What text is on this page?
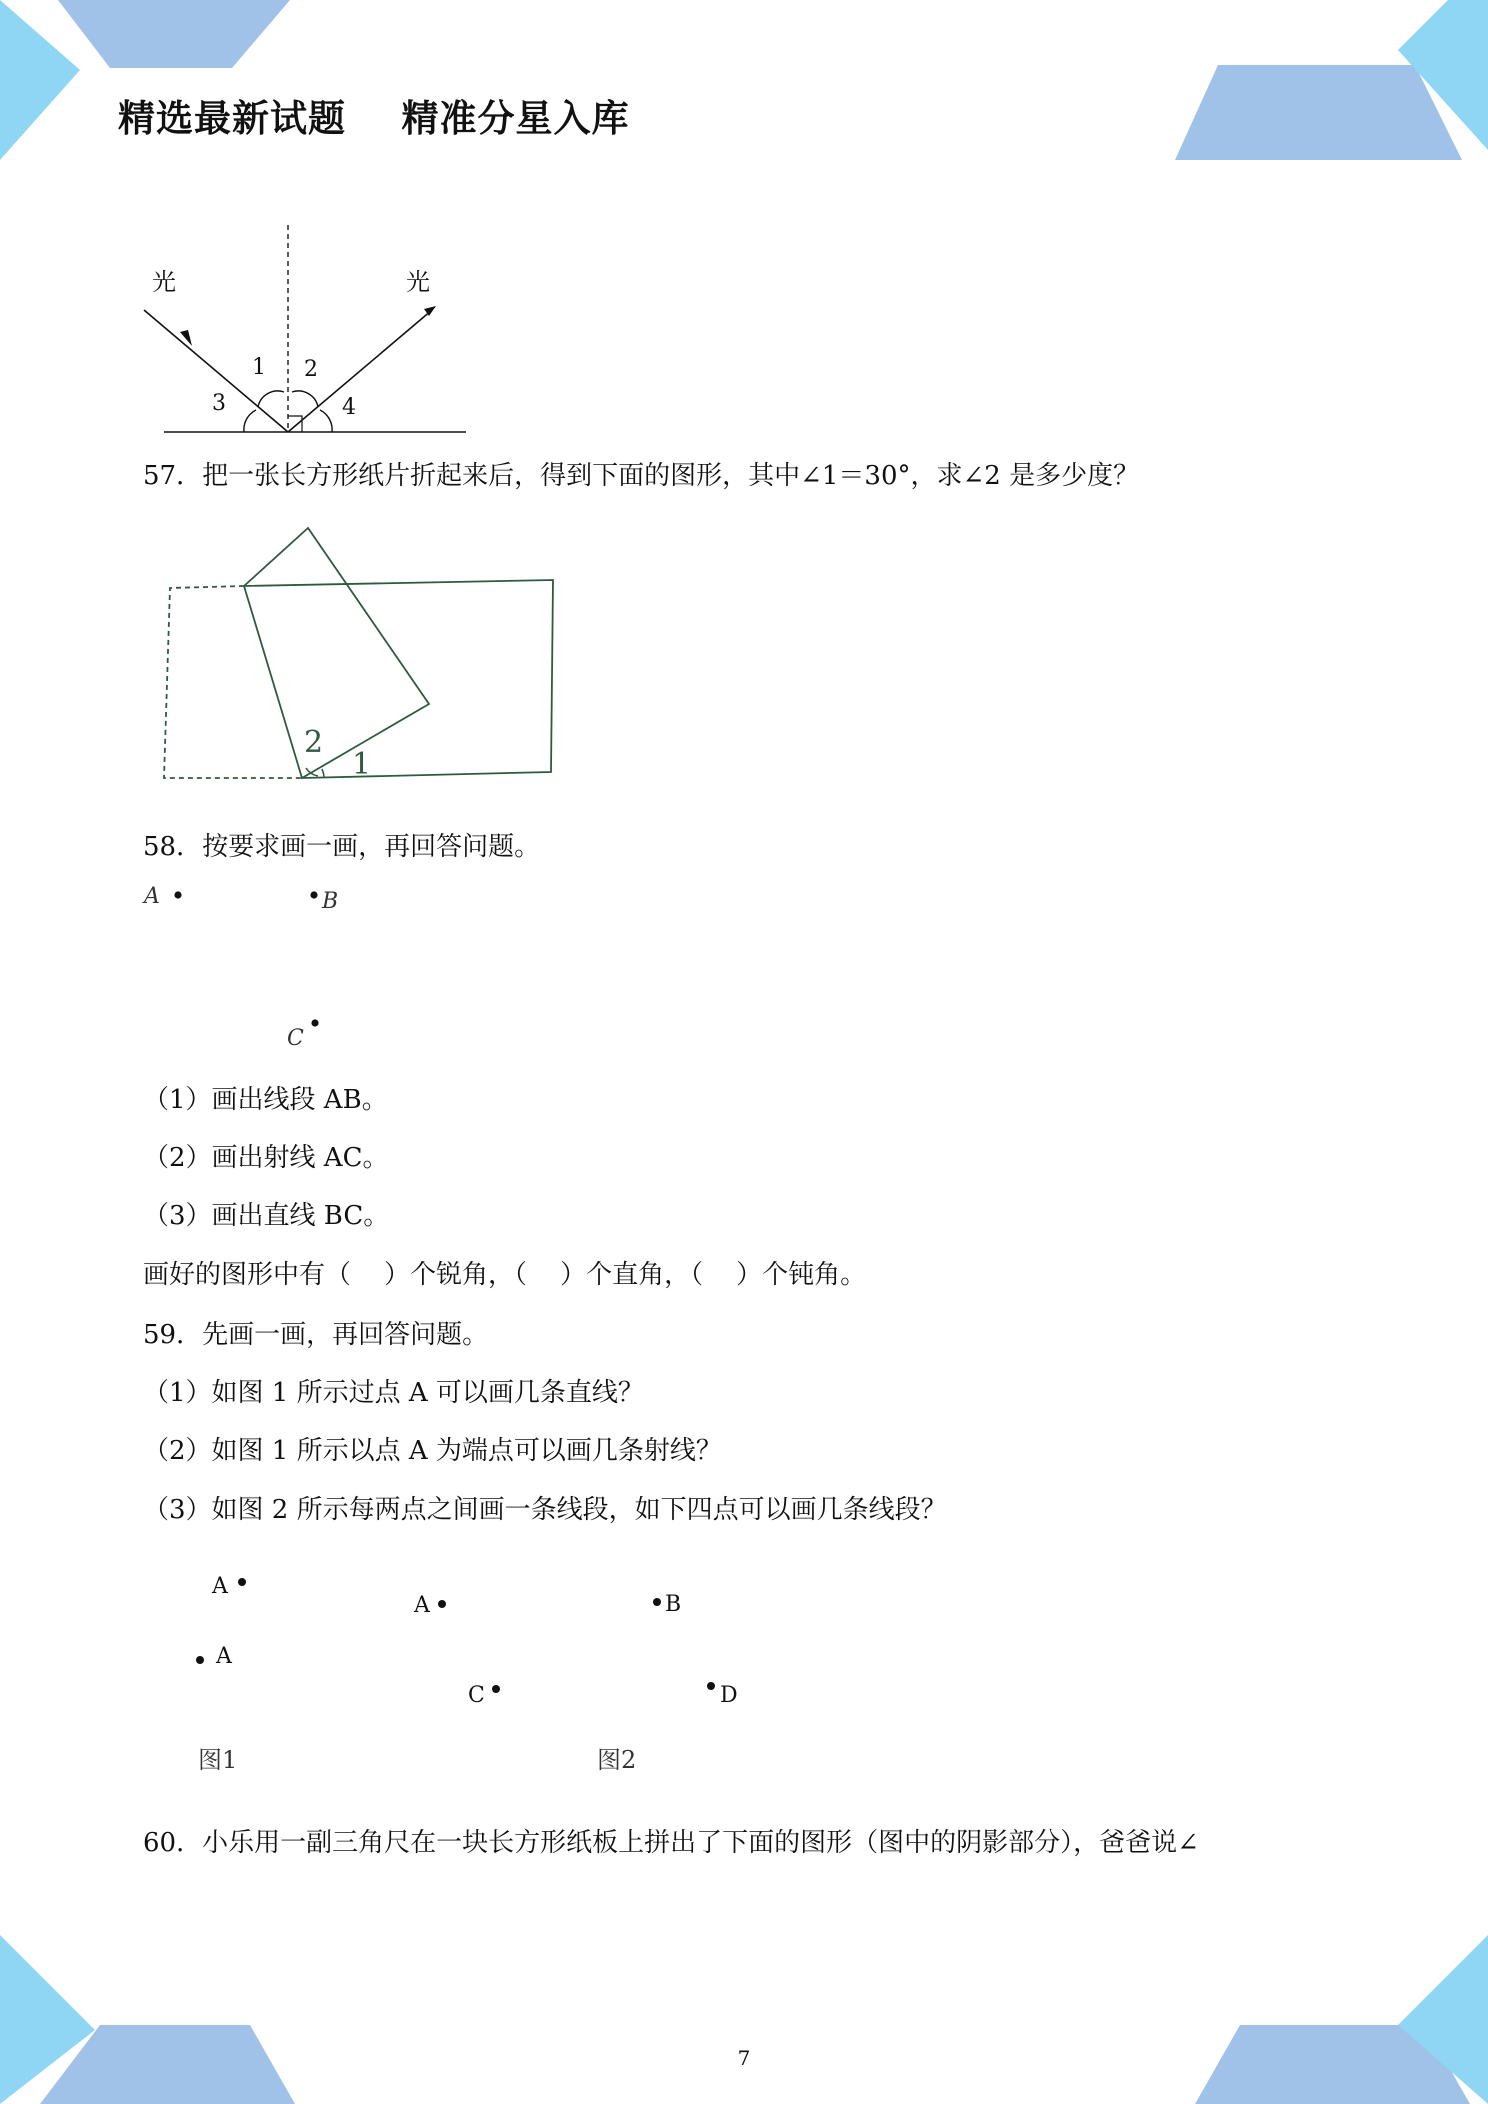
精选最新试题    精准分星入库
光	光
1 2
3	4
57．把一张长方形纸片折起来后，得到下面的图形，其中∠1＝30°，求∠2 是多少度？
2
1
58．按要求画一画，再回答问题。
A	B
C
（1）画出线段 AB。
（2）画出射线 AC。
（3）画出直线 BC。
画好的图形中有（    ）个锐角，（    ）个直角，（    ）个钝角。
59．先画一画，再回答问题。
（1）如图 1 所示过点 A 可以画几条直线？
（2）如图 1 所示以点 A 为端点可以画几条射线？
（3）如图 2 所示每两点之间画一条线段，如下四点可以画几条线段？
A
A
A	B
C	D
图1	图2
60．小乐用一副三角尺在一块长方形纸板上拼出了下面的图形（图中的阴影部分），爸爸说∠
7
